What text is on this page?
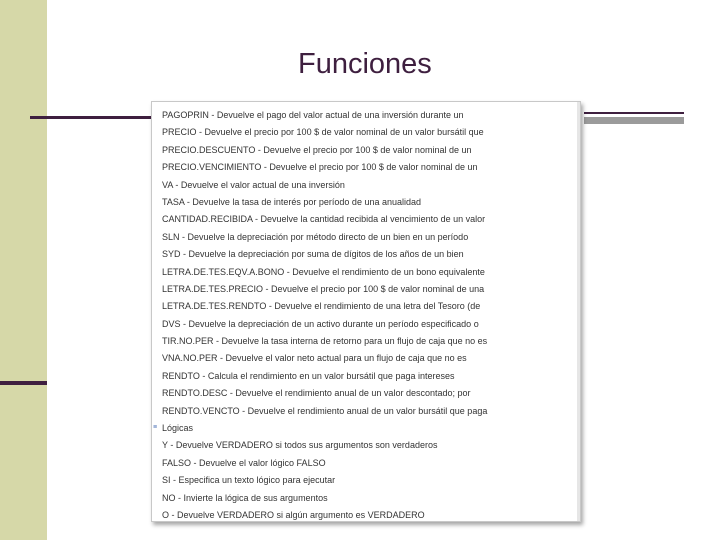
Funciones
PAGOPRIN - Devuelve el pago del valor actual de una inversión durante un
PRECIO - Devuelve el precio por 100 $ de valor nominal de un valor bursátil que
PRECIO.DESCUENTO - Devuelve el precio por 100 $ de valor nominal de un
PRECIO.VENCIMIENTO - Devuelve el precio por 100 $ de valor nominal de un
VA - Devuelve el valor actual de una inversión
TASA - Devuelve la tasa de interés por período de una anualidad
CANTIDAD.RECIBIDA - Devuelve la cantidad recibida al vencimiento de un valor
SLN - Devuelve la depreciación por método directo de un bien en un período
SYD - Devuelve la depreciación por suma de dígitos de los años de un bien
LETRA.DE.TES.EQV.A.BONO - Devuelve el rendimiento de un bono equivalente
LETRA.DE.TES.PRECIO - Devuelve el precio por 100 $ de valor nominal de una
LETRA.DE.TES.RENDTO - Devuelve el rendimiento de una letra del Tesoro (de
DVS - Devuelve la depreciación de un activo durante un período especificado o
TIR.NO.PER - Devuelve la tasa interna de retorno para un flujo de caja que no es
VNA.NO.PER - Devuelve el valor neto actual para un flujo de caja que no es
RENDTO - Calcula el rendimiento en un valor bursátil que paga intereses
RENDTO.DESC - Devuelve el rendimiento anual de un valor descontado; por
RENDTO.VENCTO - Devuelve el rendimiento anual de un valor bursátil que paga
≡ Lógicas
Y - Devuelve VERDADERO si todos sus argumentos son verdaderos
FALSO - Devuelve el valor lógico FALSO
SI - Especifica un texto lógico para ejecutar
NO - Invierte la lógica de sus argumentos
O - Devuelve VERDADERO si algún argumento es VERDADERO
